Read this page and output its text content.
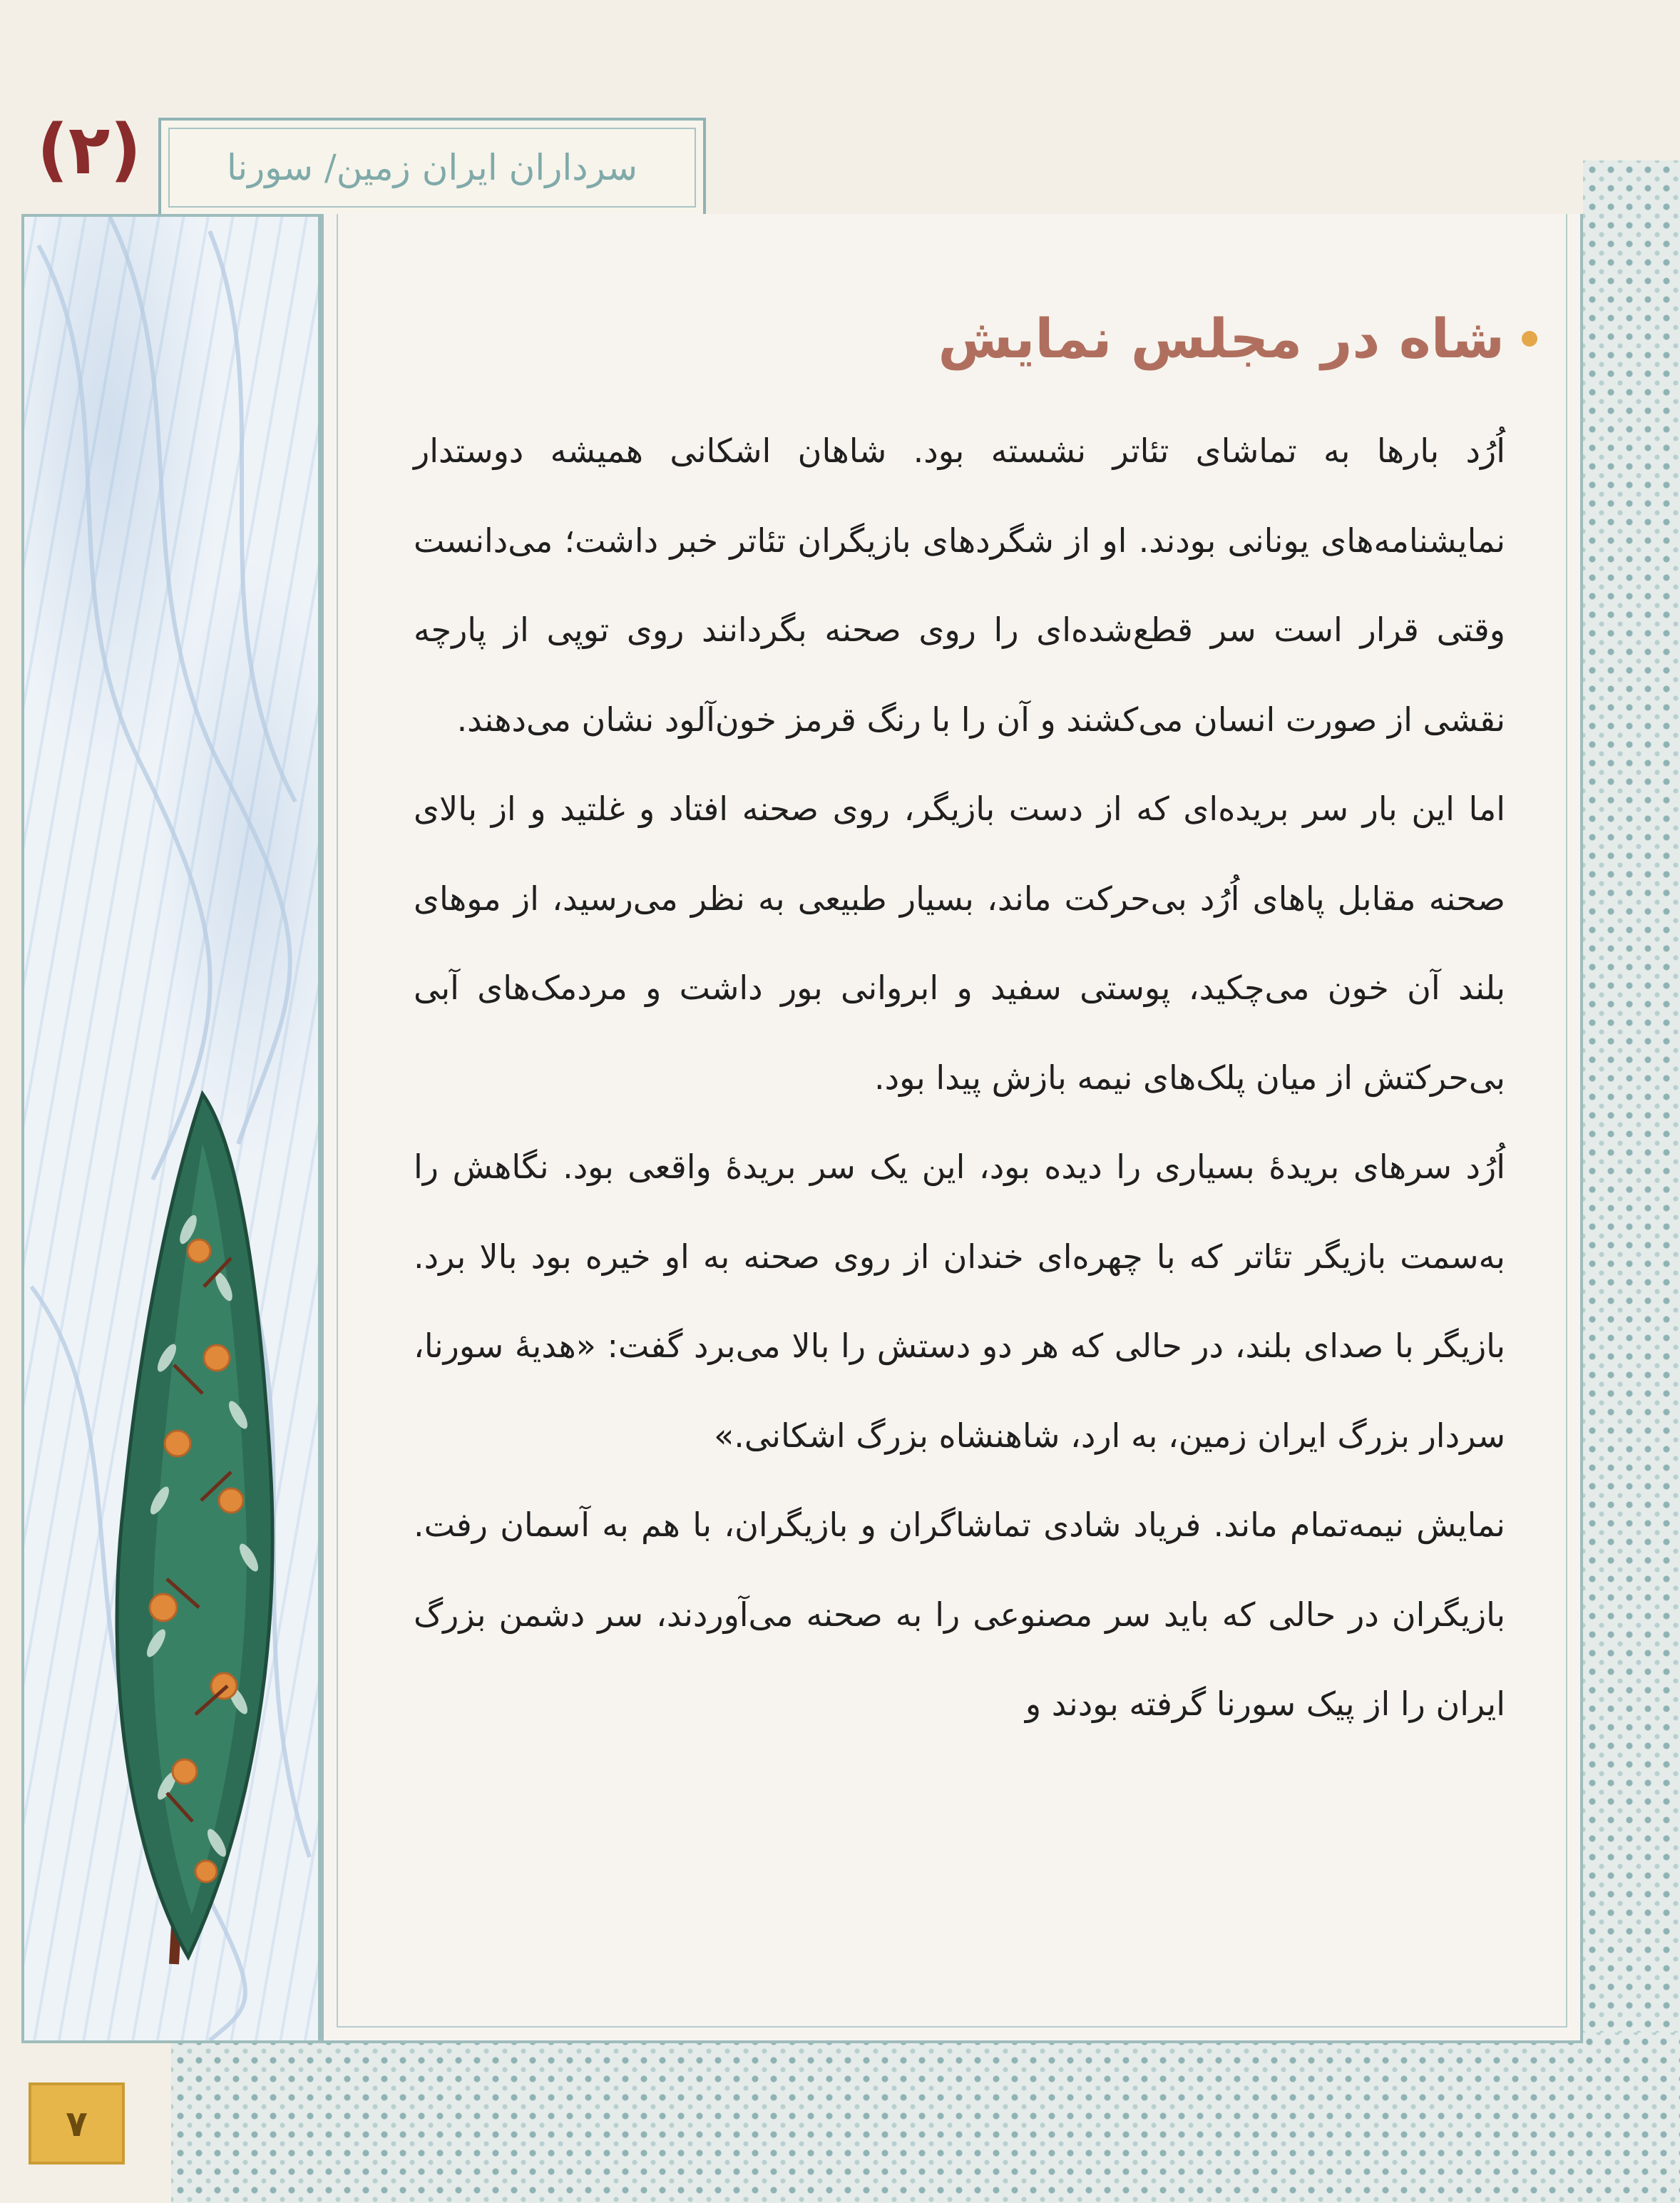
(۲) سرداران ایران زمین/ سورنا
شاه در مجلس نمایش

اُرُد بارها به تماشای تئاتر نشسته بود. شاهان اشکانی همیشه دوستدار نمایشنامه‌های یونانی بودند. او از شگردهای بازیگران تئاتر خبر داشت؛ می‌دانست وقتی قرار است سر قطع‌شده‌ای را روی صحنه بگردانند روی توپی از پارچه نقشی از صورت انسان می‌کشند و آن را با رنگ قرمز خون‌آلود نشان می‌دهند.

اما این بار سر بریده‌ای که از دست بازیگر، روی صحنه افتاد و غلتید و از بالای صحنه مقابل پاهای اُرُد بی‌حرکت ماند، بسیار طبیعی به نظر می‌رسید، از موهای بلند آن خون می‌چکید، پوستی سفید و ابروانی بور داشت و مردمک‌های آبی بی‌حرکتش از میان پلک‌های نیمه بازش پیدا بود.

اُرُد سرهای بریدهٔ بسیاری را دیده بود، این یک سر بریدهٔ واقعی بود. نگاهش را به‌سمت بازیگر تئاتر که با چهره‌ای خندان از روی صحنه به او خیره بود بالا برد. بازیگر با صدای بلند، در حالی که هر دو دستش را بالا می‌برد گفت: «هدیهٔ سورنا، سردار بزرگ ایران زمین، به ارد، شاهنشاه بزرگ اشکانی.»

نمایش نیمه‌تمام ماند. فریاد شادی تماشاگران و بازیگران، با هم به آسمان رفت. بازیگران در حالی که باید سر مصنوعی را به صحنه می‌آوردند، سر دشمن بزرگ ایران را از پیک سورنا گرفته بودند و

۷
